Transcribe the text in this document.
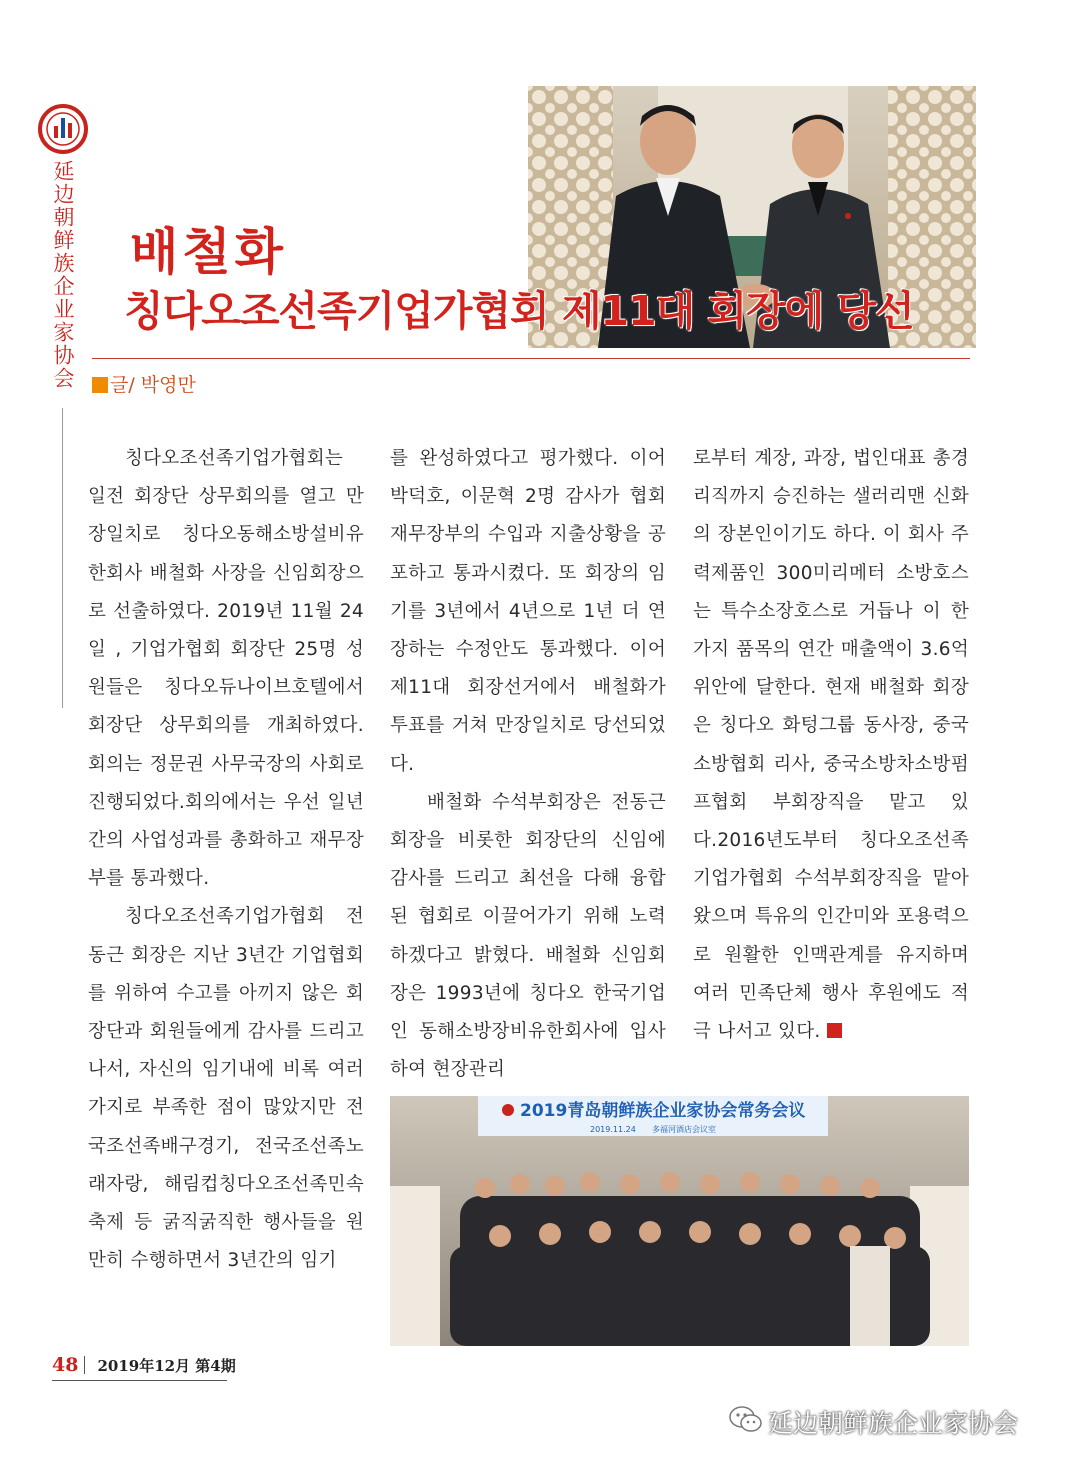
延边朝鲜族企业家协会 배철화
칭다오조선족기업가협회 제11대 회장에 당선
글/ 박영만

칭다오조선족기업가협회는 일전 회장단 상무회의를 열고 만장일치로 칭다오동해소방설비유한회사 배철화 사장을 신임회장으로 선출하였다. 2019년 11월 24일 , 기업가협회 회장단 25명 성원들은 칭다오듀나이브호텔에서 회장단 상무회의를 개최하였다. 회의는 정문권 사무국장의 사회로 진행되었다.회의에서는 우선 일년간의 사업성과를 총화하고 재무장부를 통과했다.

칭다오조선족기업가협회 전동근 회장은 지난 3년간 기업협회를 위하여 수고를 아끼지 않은 회장단과 회원들에게 감사를 드리고나서, 자신의 임기내에 비록 여러가지로 부족한 점이 많았지만 전국조선족배구경기, 전국조선족노래자랑, 해림컵칭다오조선족민속축제 등 굵직굵직한 행사들을 원만히 수행하면서 3년간의 임기

를 완성하였다고 평가했다. 이어 박덕호, 이문혁 2명 감사가 협회 재무장부의 수입과 지출상황을 공포하고 통과시켰다. 또 회장의 임기를 3년에서 4년으로 1년 더 연장하는 수정안도 통과했다. 이어 제11대 회장선거에서 배철화가 투표를 거쳐 만장일치로 당선되었다.

배철화 수석부회장은 전동근 회장을 비롯한 회장단의 신임에 감사를 드리고 최선을 다해 융합된 협회로 이끌어가기 위해 노력하겠다고 밝혔다. 배철화 신임회장은 1993년에 칭다오 한국기업인 동해소방장비유한회사에 입사하여 현장관리

로부터 계장, 과장, 법인대표 총경리직까지 승진하는 샐러리맨 신화의 장본인이기도 하다. 이 회사 주력제품인 300미리메터 소방호스는 특수소장호스로 거듭나 이 한가지 품목의 연간 매출액이 3.6억 위안에 달한다. 현재 배철화 회장은 칭다오 화텅그룹 동사장, 중국소방협회 리사, 중국소방차소방펌프협회 부회장직을 맡고 있다.2016년도부터 칭다오조선족기업가협회 수석부회장직을 맡아왔으며 특유의 인간미와 포용력으로 원활한 인맥관계를 유지하며 여러 민족단체 행사 후원에도 적극 나서고 있다.

2019青岛朝鲜族企业家协会常务会议
2019.11.24 多福河酒店会议室
48 2019年12月 第4期
延边朝鲜族企业家协会
